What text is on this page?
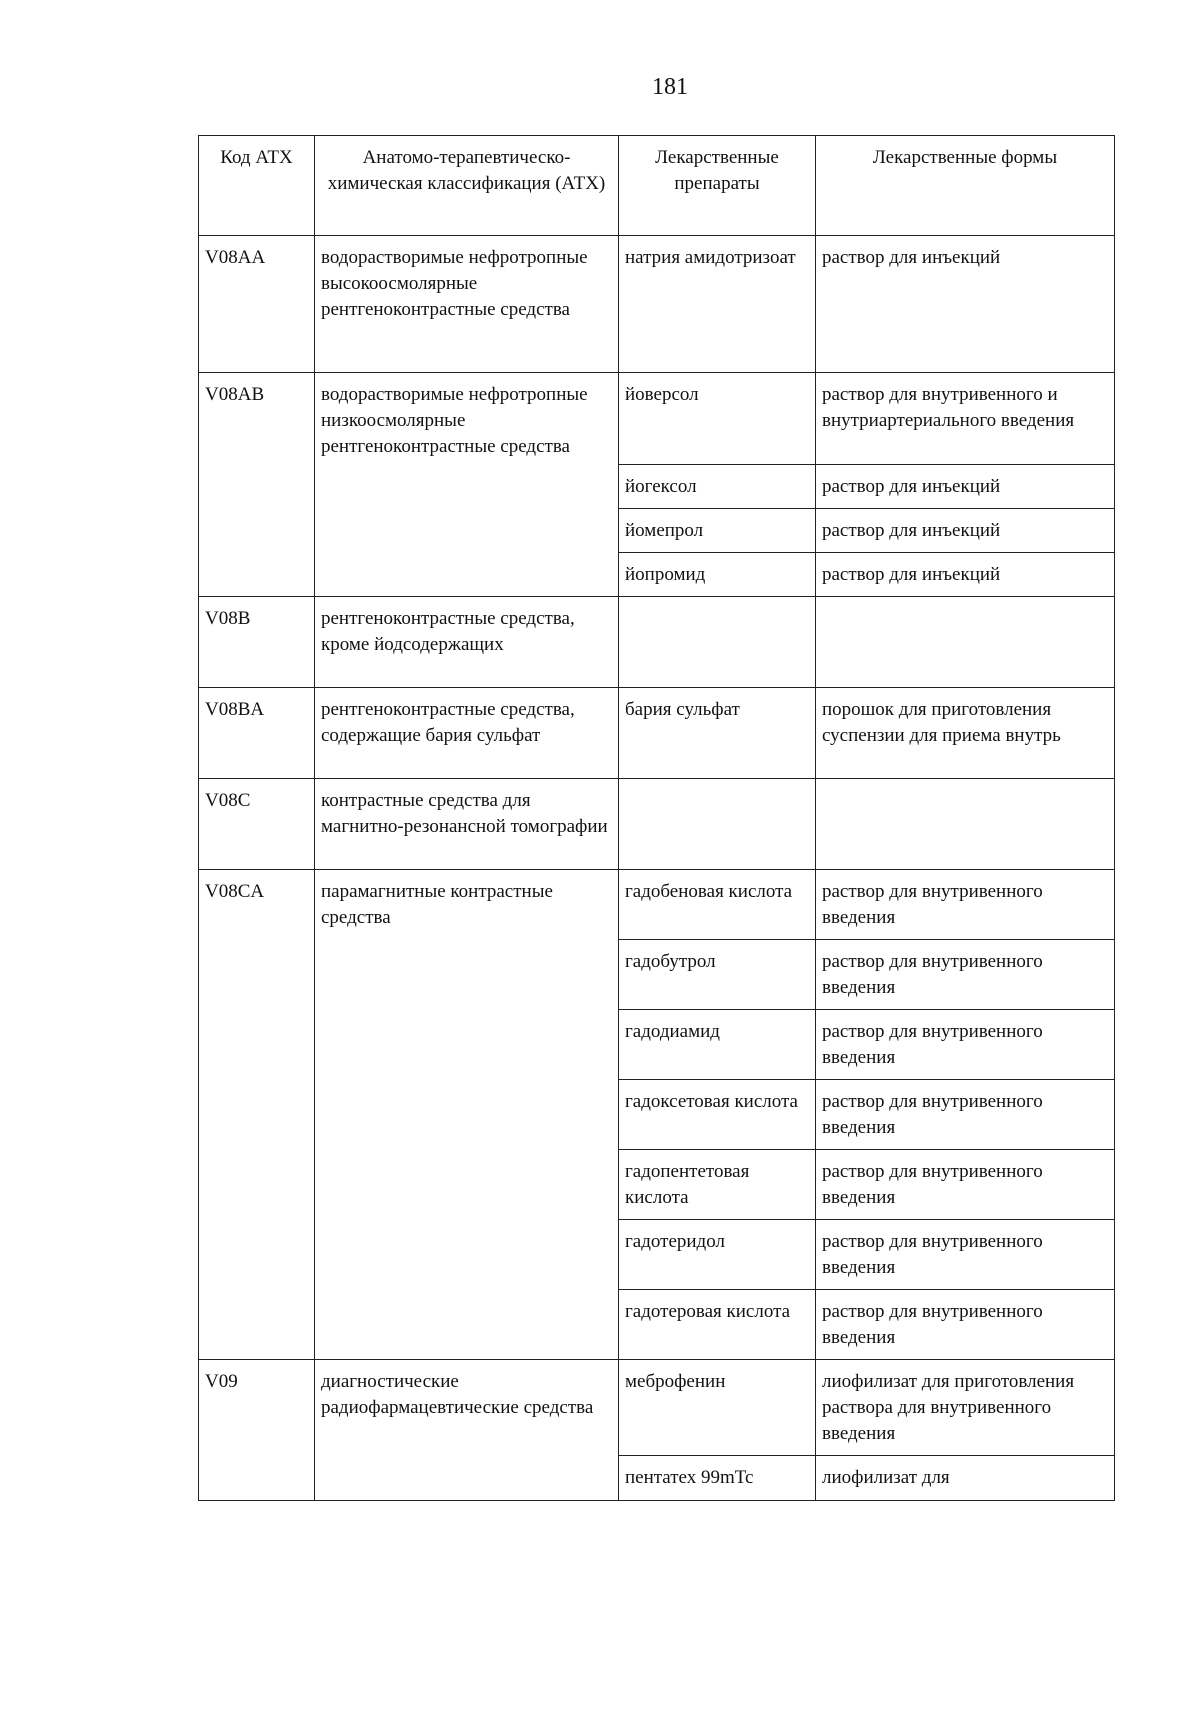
181
Код АТХ	Анатомо-терапевтическо-химическая классификация (АТХ)	Лекарственные препараты	Лекарственные формы
V08AA	водорастворимые нефротропные высокоосмолярные рентгеноконтрастные средства	натрия амидотризоат	раствор для инъекций
V08AB	водорастворимые нефротропные низкоосмолярные рентгеноконтрастные средства	йоверсол	раствор для внутривенного и внутриартериального введения
		йогексол	раствор для инъекций
		йомепрол	раствор для инъекций
		йопромид	раствор для инъекций
V08B	рентгеноконтрастные средства, кроме йодсодержащих		
V08BA	рентгеноконтрастные средства, содержащие бария сульфат	бария сульфат	порошок для приготовления суспензии для приема внутрь
V08C	контрастные средства для магнитно-резонансной томографии		
V08CA	парамагнитные контрастные средства	гадобеновая кислота	раствор для внутривенного введения
		гадобутрол	раствор для внутривенного введения
		гадодиамид	раствор для внутривенного введения
		гадоксетовая кислота	раствор для внутривенного введения
		гадопентетовая кислота	раствор для внутривенного введения
		гадотеридол	раствор для внутривенного введения
		гадотеровая кислота	раствор для внутривенного введения
V09	диагностические радиофармацевтические средства	меброфенин	лиофилизат для приготовления раствора для внутривенного введения
		пентатех 99mTc	лиофилизат для
